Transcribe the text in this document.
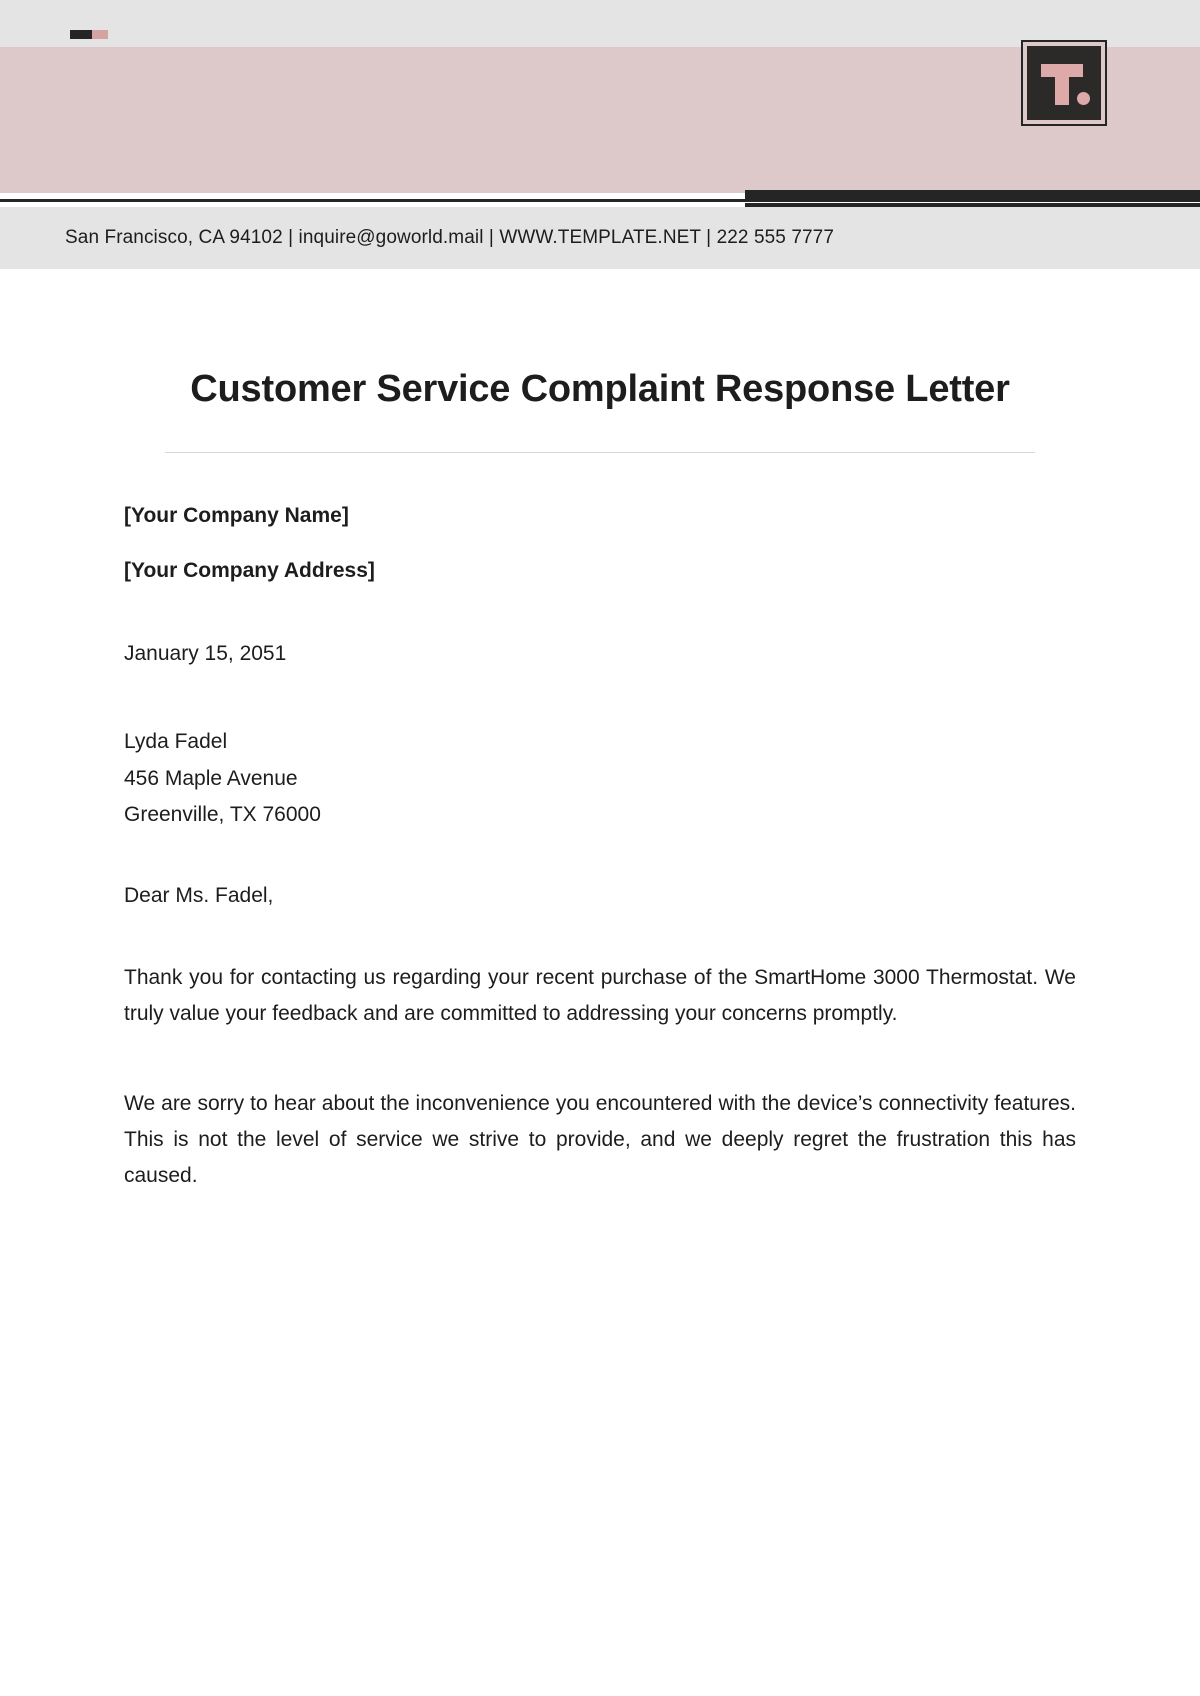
San Francisco, CA 94102 | inquire@goworld.mail | WWW.TEMPLATE.NET | 222 555 7777
Customer Service Complaint Response Letter

[Your Company Name]

[Your Company Address]

January 15, 2051

Lyda Fadel
456 Maple Avenue
Greenville, TX 76000

Dear Ms. Fadel,

Thank you for contacting us regarding your recent purchase of the SmartHome 3000 Thermostat. We truly value your feedback and are committed to addressing your concerns promptly.

We are sorry to hear about the inconvenience you encountered with the device’s connectivity features. This is not the level of service we strive to provide, and we deeply regret the frustration this has caused.
